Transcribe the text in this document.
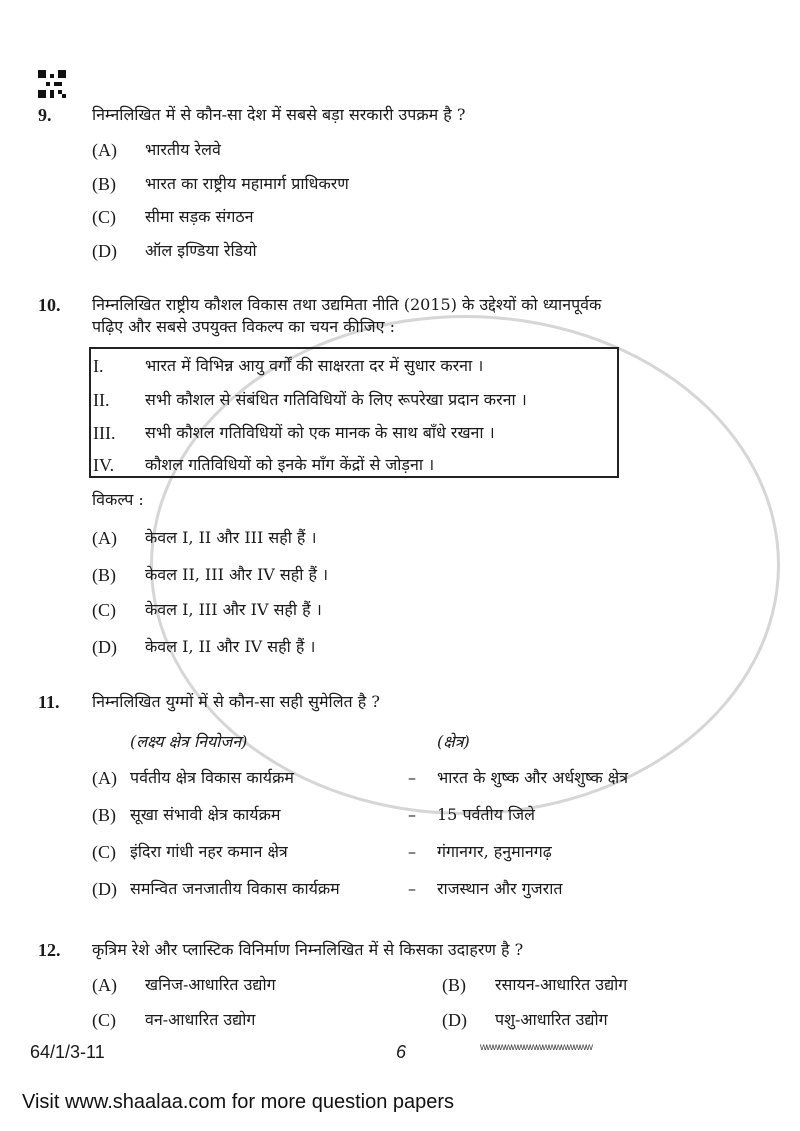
9.	निम्नलिखित में से कौन-सा देश में सबसे बड़ा सरकारी उपक्रम है ?
(A) भारतीय रेलवे
(B) भारत का राष्ट्रीय महामार्ग प्राधिकरण
(C) सीमा सड़क संगठन
(D) ऑल इण्डिया रेडियो
10. निम्नलिखित राष्ट्रीय कौशल विकास तथा उद्यमिता नीति (2015) के उद्देश्यों को ध्यानपूर्वक
पढ़िए और सबसे उपयुक्त विकल्प का चयन कीजिए :
I.	भारत में विभिन्न आयु वर्गों की साक्षरता दर में सुधार करना ।
II. सभी कौशल से संबंधित गतिविधियों के लिए रूपरेखा प्रदान करना ।
III. सभी कौशल गतिविधियों को एक मानक के साथ बाँधे रखना ।
IV. कौशल गतिविधियों को इनके माँग केंद्रों से जोड़ना ।
विकल्प :
(A) केवल I, II और III सही हैं ।
(B) केवल II, III और IV सही हैं ।
(C) केवल I, III और IV सही हैं ।
(D) केवल I, II और IV सही हैं ।
11. निम्नलिखित युग्मों में से कौन-सा सही सुमेलित है ?
	(लक्ष्य क्षेत्र नियोजन)		(क्षेत्र)
(A)	पर्वतीय क्षेत्र विकास कार्यक्रम	–	भारत के शुष्क और अर्धशुष्क क्षेत्र
(B)	सूखा संभावी क्षेत्र कार्यक्रम	–	15 पर्वतीय जिले
(C)	इंदिरा गांधी नहर कमान क्षेत्र	–	गंगानगर, हनुमानगढ़
(D)	समन्वित जनजातीय विकास कार्यक्रम	–	राजस्थान और गुजरात
12. कृत्रिम रेशे और प्लास्टिक विनिर्माण निम्नलिखित में से किसका उदाहरण है ?
(A)	खनिज-आधारित उद्योग	(B)	रसायन-आधारित उद्योग
(C)	वन-आधारित उद्योग	(D)	पशु-आधारित उद्योग
64/1/3-11	6	wwwwwwwwwwwwwwwwww
Visit www.shaalaa.com for more question papers
